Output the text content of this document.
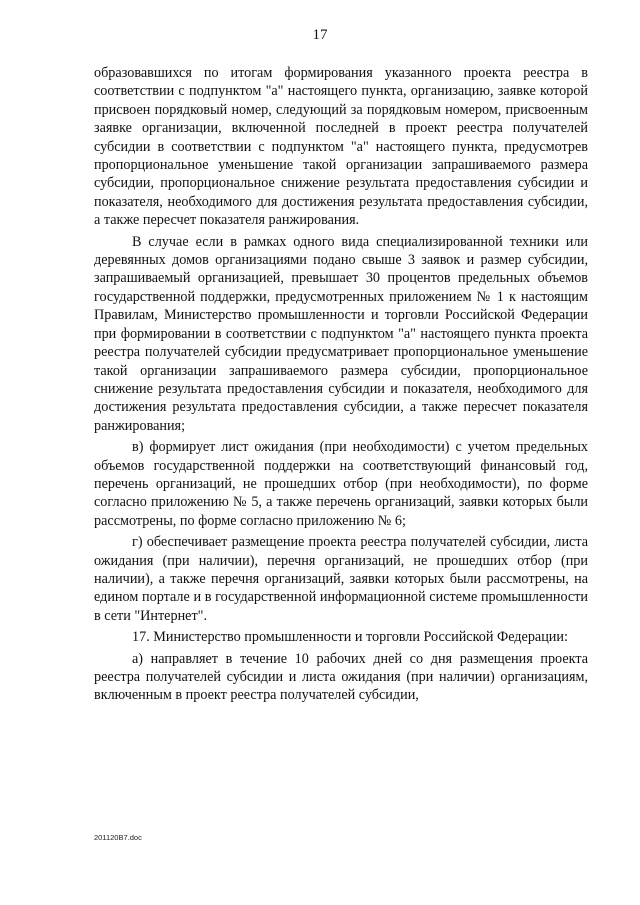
17

образовавшихся по итогам формирования указанного проекта реестра в соответствии с подпунктом "а" настоящего пункта, организацию, заявке которой присвоен порядковый номер, следующий за порядковым номером, присвоенным заявке организации, включенной последней в проект реестра получателей субсидии в соответствии с подпунктом "а" настоящего пункта, предусмотрев пропорциональное уменьшение такой организации запрашиваемого размера субсидии, пропорциональное снижение результата предоставления субсидии и показателя, необходимого для достижения результата предоставления субсидии, а также пересчет показателя ранжирования.

В случае если в рамках одного вида специализированной техники или деревянных домов организациями подано свыше 3 заявок и размер субсидии, запрашиваемый организацией, превышает 30 процентов предельных объемов государственной поддержки, предусмотренных приложением № 1 к настоящим Правилам, Министерство промышленности и торговли Российской Федерации при формировании в соответствии с подпунктом "а" настоящего пункта проекта реестра получателей субсидии предусматривает пропорциональное уменьшение такой организации запрашиваемого размера субсидии, пропорциональное снижение результата предоставления субсидии и показателя, необходимого для достижения результата предоставления субсидии, а также пересчет показателя ранжирования;

в) формирует лист ожидания (при необходимости) с учетом предельных объемов государственной поддержки на соответствующий финансовый год, перечень организаций, не прошедших отбор (при необходимости), по форме согласно приложению № 5, а также перечень организаций, заявки которых были рассмотрены, по форме согласно приложению № 6;

г) обеспечивает размещение проекта реестра получателей субсидии, листа ожидания (при наличии), перечня организаций, не прошедших отбор (при наличии), а также перечня организаций, заявки которых были рассмотрены, на едином портале и в государственной информационной системе промышленности в сети "Интернет".

17. Министерство промышленности и торговли Российской Федерации:

а) направляет в течение 10 рабочих дней со дня размещения проекта реестра получателей субсидии и листа ожидания (при наличии) организациям, включенным в проект реестра получателей субсидии,

201120B7.doc
